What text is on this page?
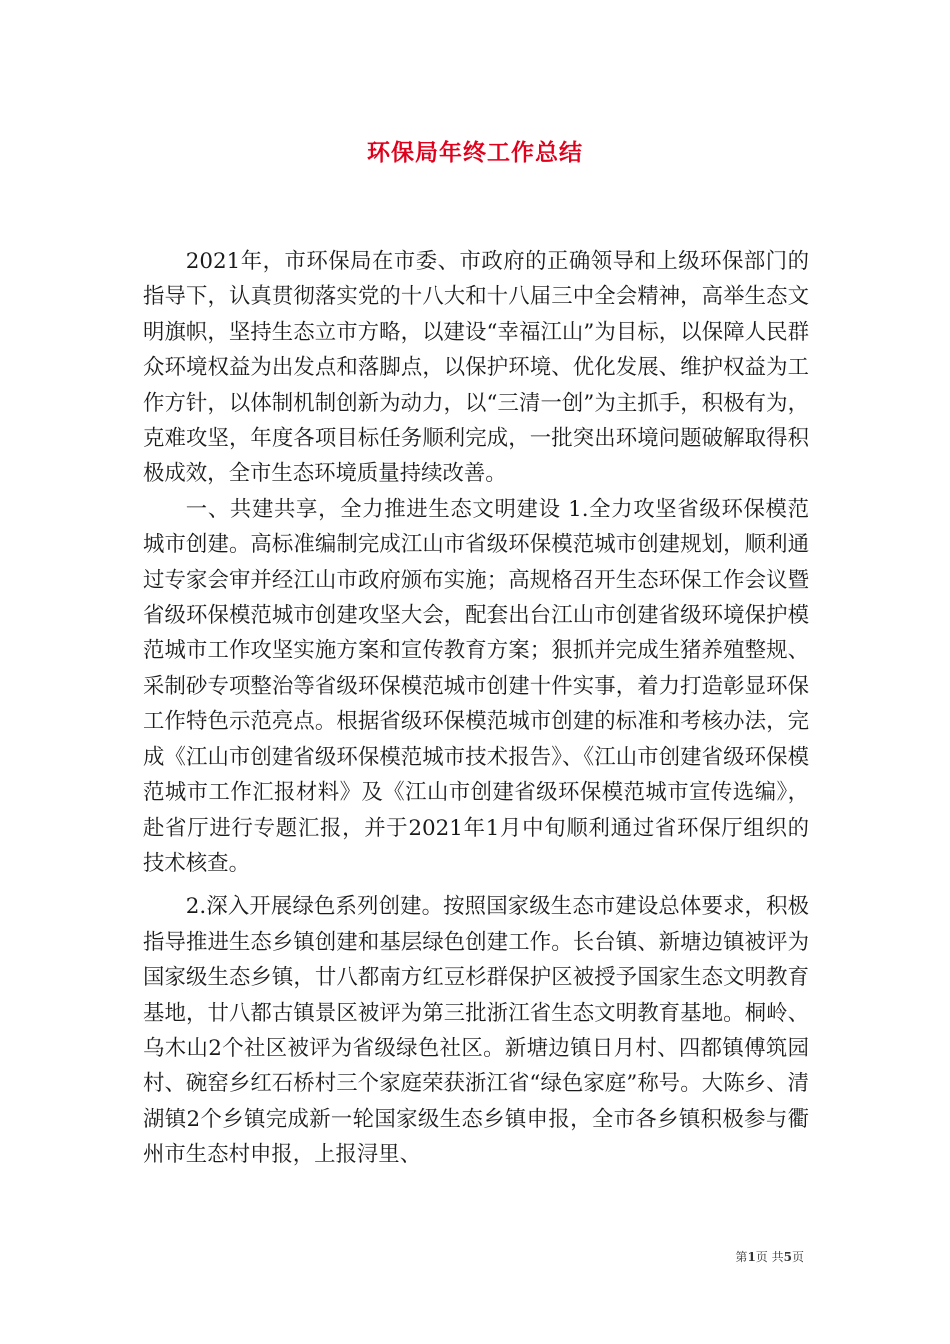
环保局年终工作总结

2021年，市环保局在市委、市政府的正确领导和上级环保部门的指导下，认真贯彻落实党的十八大和十八届三中全会精神，高举生态文明旗帜，坚持生态立市方略，以建设“幸福江山”为目标，以保障人民群众环境权益为出发点和落脚点，以保护环境、优化发展、维护权益为工作方针，以体制机制创新为动力，以“三清一创”为主抓手，积极有为，克难攻坚，年度各项目标任务顺利完成，一批突出环境问题破解取得积极成效，全市生态环境质量持续改善。

一、共建共享，全力推进生态文明建设 1.全力攻坚省级环保模范城市创建。高标准编制完成江山市省级环保模范城市创建规划，顺利通过专家会审并经江山市政府颁布实施；高规格召开生态环保工作会议暨省级环保模范城市创建攻坚大会，配套出台江山市创建省级环境保护模范城市工作攻坚实施方案和宣传教育方案；狠抓并完成生猪养殖整规、采制砂专项整治等省级环保模范城市创建十件实事，着力打造彰显环保工作特色示范亮点。根据省级环保模范城市创建的标准和考核办法，完成《江山市创建省级环保模范城市技术报告》、《江山市创建省级环保模范城市工作汇报材料》及《江山市创建省级环保模范城市宣传选编》，赴省厅进行专题汇报，并于2021年1月中旬顺利通过省环保厅组织的技术核查。

2.深入开展绿色系列创建。按照国家级生态市建设总体要求，积极指导推进生态乡镇创建和基层绿色创建工作。长台镇、新塘边镇被评为国家级生态乡镇，廿八都南方红豆杉群保护区被授予国家生态文明教育基地，廿八都古镇景区被评为第三批浙江省生态文明教育基地。桐岭、乌木山2个社区被评为省级绿色社区。新塘边镇日月村、四都镇傅筑园村、碗窑乡红石桥村三个家庭荣获浙江省“绿色家庭”称号。大陈乡、清湖镇2个乡镇完成新一轮国家级生态乡镇申报，全市各乡镇积极参与衢州市生态村申报，上报浔里、

第1页 共5页
